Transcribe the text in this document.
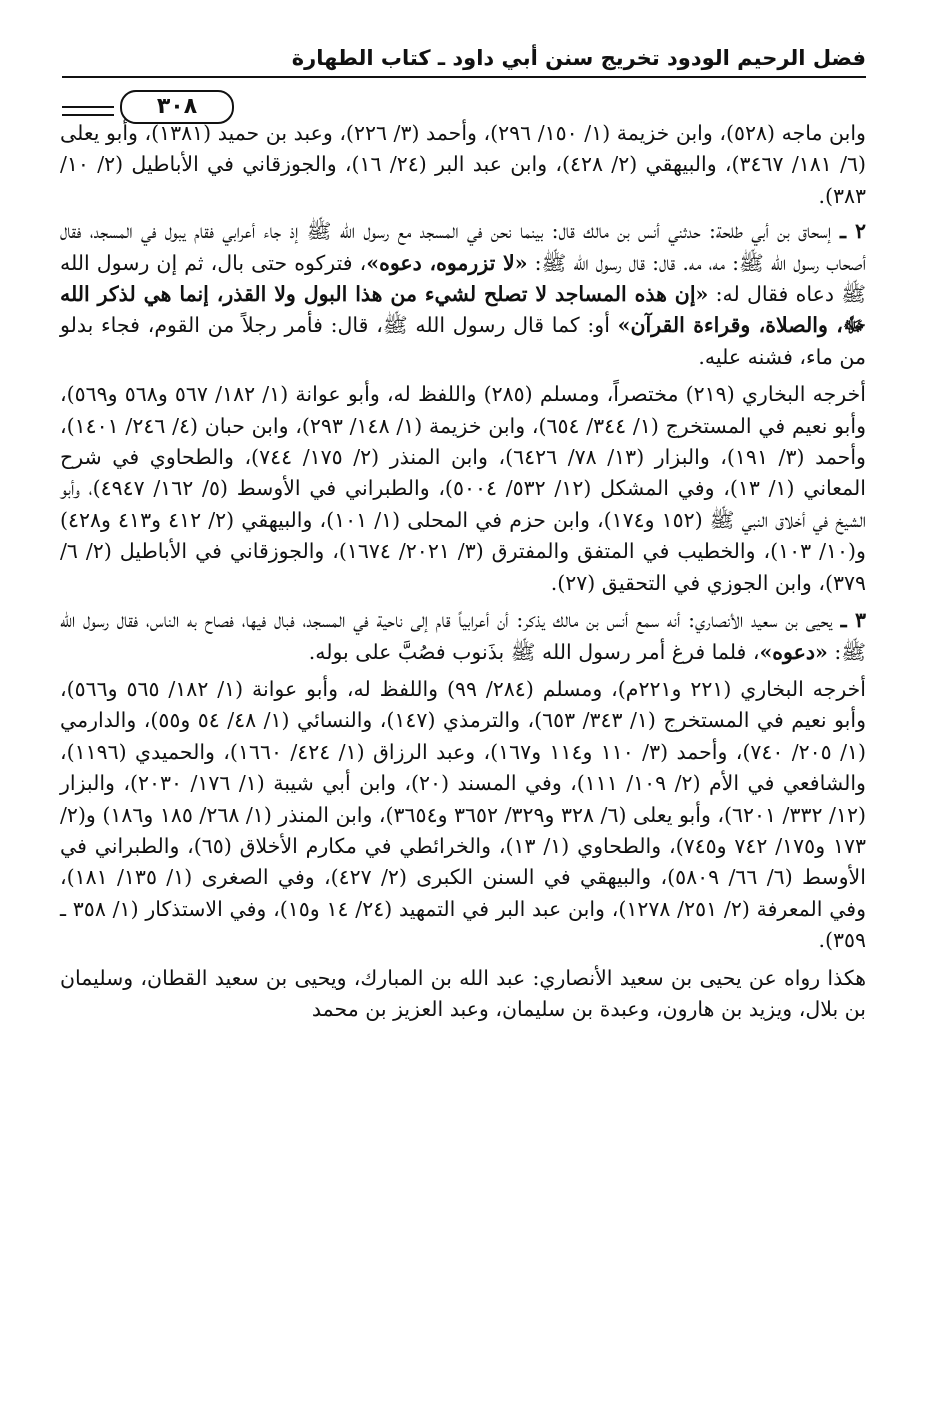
فضل الرحيم الودود تخريج سنن أبي داود ـ كتاب الطهارة
٣٠٨

وابن ماجه (٥٢٨)، وابن خزيمة (١/ ١٥٠/ ٢٩٦)، وأحمد (٣/ ٢٢٦)، وعبد بن حميد (١٣٨١)، وأبو يعلى (٦/ ١٨١/ ٣٤٦٧)، والبيهقي (٢/ ٤٢٨)، وابن عبد البر (٢٤/ ١٦)، والجوزقاني في الأباطيل (٢/ ١٠/ ٣٨٣).

٢ ـ إسحاق بن أبي طلحة: حدثني أنس بن مالك قال: بينما نحن في المسجد مع رسول الله ﷺ إذ جاء أعرابي فقام يبول في المسجد، فقال أصحاب رسول الله ﷺ: مه، مه. قال: قال رسول الله ﷺ: «لا تزرموه، دعوه»، فتركوه حتى بال، ثم إن رسول الله ﷺ دعاه فقال له: «إن هذه المساجد لا تصلح لشيء من هذا البول ولا القذر، إنما هي لذكر الله ﷻ، والصلاة، وقراءة القرآن» أو: كما قال رسول الله ﷺ، قال: فأمر رجلاً من القوم، فجاء بدلو من ماء، فشنه عليه.

أخرجه البخاري (٢١٩) مختصراً، ومسلم (٢٨٥) واللفظ له، وأبو عوانة (١/ ١٨٢/ ٥٦٧ و٥٦٨ و٥٦٩)، وأبو نعيم في المستخرج (١/ ٣٤٤/ ٦٥٤)، وابن خزيمة (١/ ١٤٨/ ٢٩٣)، وابن حبان (٤/ ٢٤٦/ ١٤٠١)، وأحمد (٣/ ١٩١)، والبزار (١٣/ ٧٨/ ٦٤٢٦)، وابن المنذر (٢/ ١٧٥/ ٧٤٤)، والطحاوي في شرح المعاني (١/ ١٣)، وفي المشكل (١٢/ ٥٣٢/ ٥٠٠٤)، والطبراني في الأوسط (٥/ ١٦٢/ ٤٩٤٧)، وأبو الشيخ في أخلاق النبي ﷺ (١٥٢ و١٧٤)، وابن حزم في المحلى (١/ ١٠١)، والبيهقي (٢/ ٤١٢ و٤١٣ و٤٢٨) و(١٠/ ١٠٣)، والخطيب في المتفق والمفترق (٣/ ٢٠٢١/ ١٦٧٤)، والجوزقاني في الأباطيل (٢/ ٦/ ٣٧٩)، وابن الجوزي في التحقيق (٢٧).

٣ ـ يحيى بن سعيد الأنصاري: أنه سمع أنس بن مالك يذكر: أن أعرابياً قام إلى ناحية في المسجد، فبال فيها، فصاح به الناس، فقال رسول الله ﷺ: «دعوه»، فلما فرغ أمر رسول الله ﷺ بذَنوب فصُبَّ على بوله.

أخرجه البخاري (٢٢١ و٢٢١م)، ومسلم (٢٨٤/ ٩٩) واللفظ له، وأبو عوانة (١/ ١٨٢/ ٥٦٥ و٥٦٦)، وأبو نعيم في المستخرج (١/ ٣٤٣/ ٦٥٣)، والترمذي (١٤٧)، والنسائي (١/ ٤٨/ ٥٤ و٥٥)، والدارمي (١/ ٢٠٥/ ٧٤٠)، وأحمد (٣/ ١١٠ و١١٤ و١٦٧)، وعبد الرزاق (١/ ٤٢٤/ ١٦٦٠)، والحميدي (١١٩٦)، والشافعي في الأم (٢/ ١٠٩/ ١١١)، وفي المسند (٢٠)، وابن أبي شيبة (١/ ١٧٦/ ٢٠٣٠)، والبزار (١٢/ ٣٣٢/ ٦٢٠١)، وأبو يعلى (٦/ ٣٢٨ و٣٢٩/ ٣٦٥٢ و٣٦٥٤)، وابن المنذر (١/ ٢٦٨/ ١٨٥ و١٨٦) و(٢/ ١٧٣ و١٧٥/ ٧٤٢ و٧٤٥)، والطحاوي (١/ ١٣)، والخرائطي في مكارم الأخلاق (٦٥)، والطبراني في الأوسط (٦/ ٦٦/ ٥٨٠٩)، والبيهقي في السنن الكبرى (٢/ ٤٢٧)، وفي الصغرى (١/ ١٣٥/ ١٨١)، وفي المعرفة (٢/ ٢٥١/ ١٢٧٨)، وابن عبد البر في التمهيد (٢٤/ ١٤ و١٥)، وفي الاستذكار (١/ ٣٥٨ ـ ٣٥٩).

هكذا رواه عن يحيى بن سعيد الأنصاري: عبد الله بن المبارك، ويحيى بن سعيد القطان، وسليمان بن بلال، ويزيد بن هارون، وعبدة بن سليمان، وعبد العزيز بن محمد
